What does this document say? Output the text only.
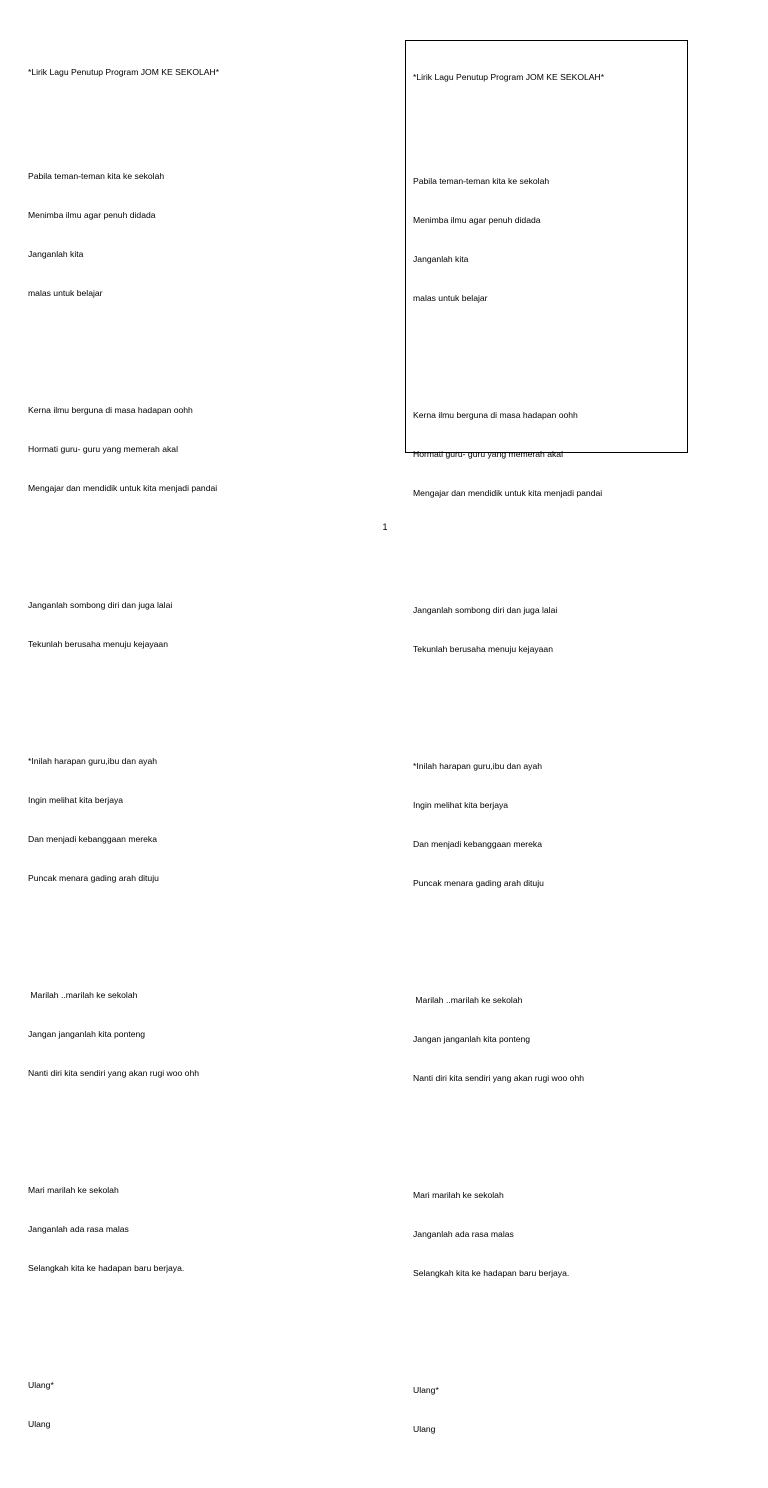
*Lirik Lagu Penutup Program JOM KE SEKOLAH*

Pabila teman-teman kita ke sekolah

Menimba ilmu agar penuh didada

Janganlah kita

malas untuk belajar

Kerna ilmu berguna di masa hadapan oohh

Hormati guru- guru yang memerah akal

Mengajar dan mendidik untuk kita menjadi pandai

Janganlah sombong diri dan juga lalai

Tekunlah berusaha menuju kejayaan

*Inilah harapan guru,ibu dan ayah

Ingin melihat kita berjaya

Dan menjadi kebanggaan mereka

Puncak menara gading arah dituju

Marilah ..marilah ke sekolah

Jangan janganlah kita ponteng

Nanti diri kita sendiri yang akan rugi woo ohh

Mari marilah ke sekolah

Janganlah ada rasa malas

Selangkah kita ke hadapan baru berjaya.

Ulang*

Ulang

*Lirik Lagu Penutup Program JOM KE SEKOLAH*

Pabila teman-teman kita ke sekolah

Menimba ilmu agar penuh didada

Janganlah kita

malas untuk belajar

Kerna ilmu berguna di masa hadapan oohh

Hormati guru- guru yang memerah akal

Mengajar dan mendidik untuk kita menjadi pandai

Janganlah sombong diri dan juga lalai

Tekunlah berusaha menuju kejayaan

*Inilah harapan guru,ibu dan ayah

Ingin melihat kita berjaya

Dan menjadi kebanggaan mereka

Puncak menara gading arah dituju

Marilah ..marilah ke sekolah

Jangan janganlah kita ponteng

Nanti diri kita sendiri yang akan rugi woo ohh

Mari marilah ke sekolah

Janganlah ada rasa malas

Selangkah kita ke hadapan baru berjaya.

Ulang*

Ulang

1
